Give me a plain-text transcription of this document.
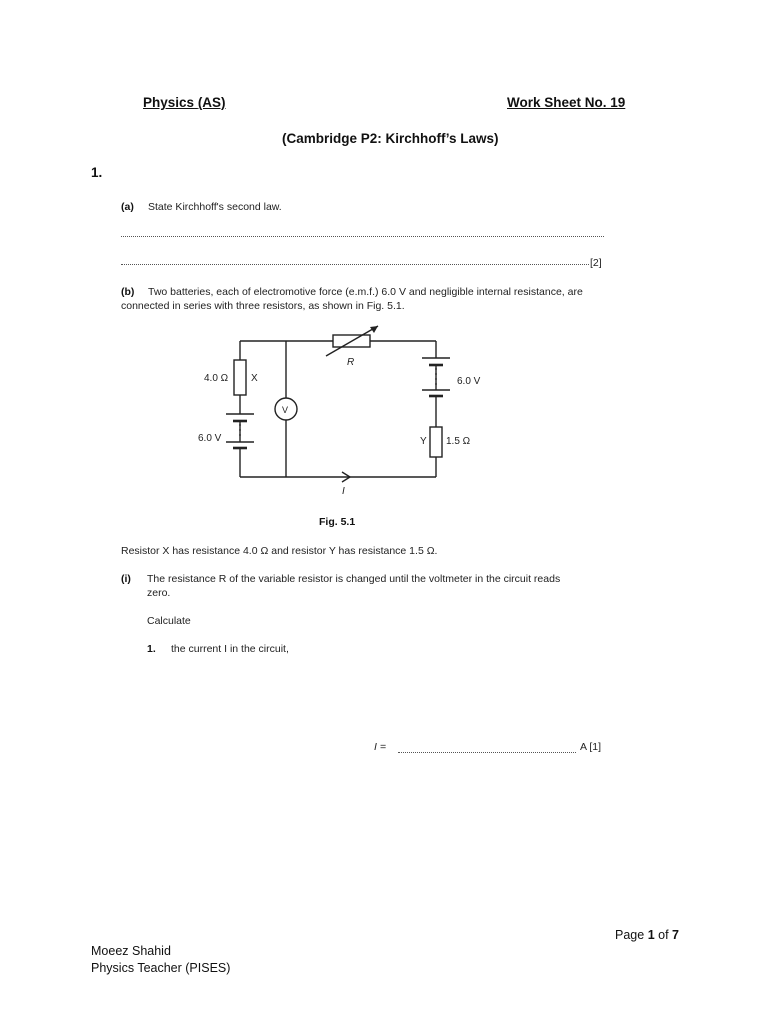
Physics (AS)	Work Sheet No. 19
(Cambridge P2: Kirchhoff’s Laws)
1.
(a) State Kirchhoff's second law.
[2]
(b) Two batteries, each of electromotive force (e.m.f.) 6.0 V and negligible internal resistance, are
connected in series with three resistors, as shown in Fig. 5.1.
R
4.0 Ω X
V
6.0 V
6.0 V
Y 1.5 Ω
I
Fig. 5.1
Resistor X has resistance 4.0 Ω and resistor Y has resistance 1.5 Ω.
(i) The resistance R of the variable resistor is changed until the voltmeter in the circuit reads
zero.
Calculate
1. the current I in the circuit,
I =	A [1]
Page 1 of 7
Moeez Shahid
Physics Teacher (PISES)
